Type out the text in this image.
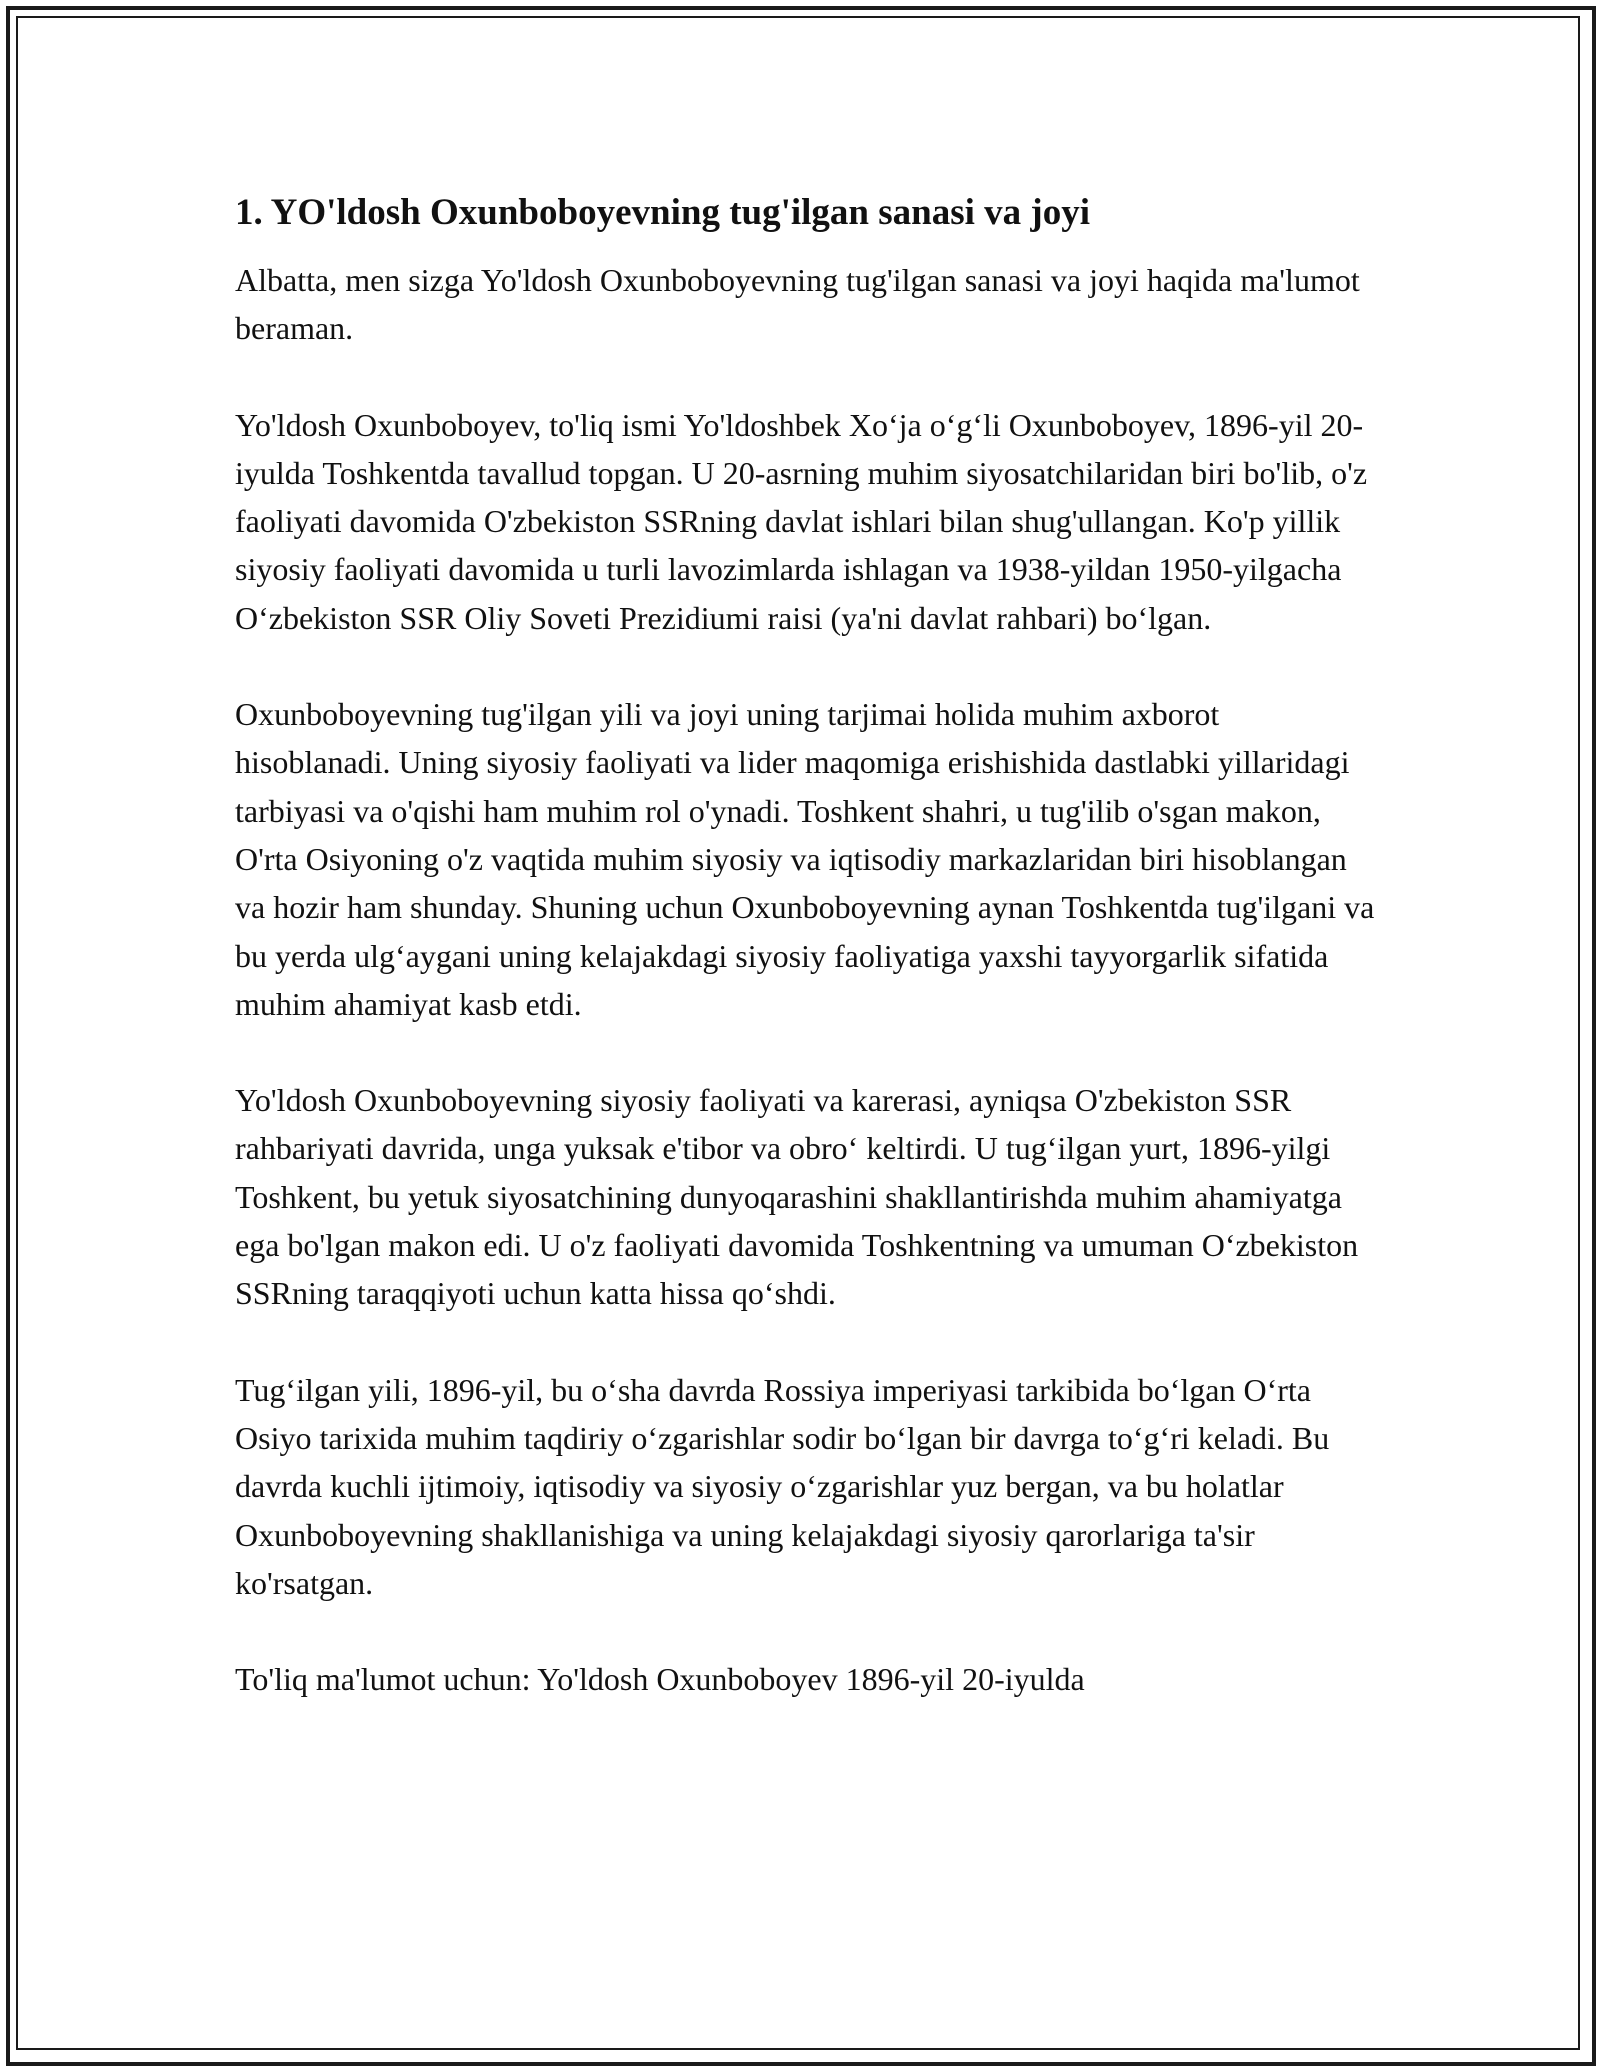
1. YO'ldosh Oxunboboyevning tug'ilgan sanasi va joyi

Albatta, men sizga Yo'ldosh Oxunboboyevning tug'ilgan sanasi va joyi haqida ma'lumot beraman.

Yo'ldosh Oxunboboyev, to'liq ismi Yo'ldoshbek Xo‘ja o‘g‘li Oxunboboyev, 1896-yil 20-iyulda Toshkentda tavallud topgan. U 20-asrning muhim siyosatchilaridan biri bo'lib, o'z faoliyati davomida O'zbekiston SSRning davlat ishlari bilan shug'ullangan. Ko'p yillik siyosiy faoliyati davomida u turli lavozimlarda ishlagan va 1938-yildan 1950-yilgacha O‘zbekiston SSR Oliy Soveti Prezidiumi raisi (ya'ni davlat rahbari) bo‘lgan.

Oxunboboyevning tug'ilgan yili va joyi uning tarjimai holida muhim axborot hisoblanadi. Uning siyosiy faoliyati va lider maqomiga erishishida dastlabki yillaridagi tarbiyasi va o'qishi ham muhim rol o'ynadi. Toshkent shahri, u tug'ilib o'sgan makon, O'rta Osiyoning o'z vaqtida muhim siyosiy va iqtisodiy markazlaridan biri hisoblangan va hozir ham shunday. Shuning uchun Oxunboboyevning aynan Toshkentda tug'ilgani va bu yerda ulg‘aygani uning kelajakdagi siyosiy faoliyatiga yaxshi tayyorgarlik sifatida muhim ahamiyat kasb etdi.

Yo'ldosh Oxunboboyevning siyosiy faoliyati va karerasi, ayniqsa O'zbekiston SSR rahbariyati davrida, unga yuksak e'tibor va obro‘ keltirdi. U tug‘ilgan yurt, 1896-yilgi Toshkent, bu yetuk siyosatchining dunyoqarashini shakllantirishda muhim ahamiyatga ega bo'lgan makon edi. U o'z faoliyati davomida Toshkentning va umuman O‘zbekiston SSRning taraqqiyoti uchun katta hissa qo‘shdi.

Tug‘ilgan yili, 1896-yil, bu o‘sha davrda Rossiya imperiyasi tarkibida bo‘lgan O‘rta Osiyo tarixida muhim taqdiriy o‘zgarishlar sodir bo‘lgan bir davrga to‘g‘ri keladi. Bu davrda kuchli ijtimoiy, iqtisodiy va siyosiy o‘zgarishlar yuz bergan, va bu holatlar Oxunboboyevning shakllanishiga va uning kelajakdagi siyosiy qarorlariga ta'sir ko'rsatgan.

To'liq ma'lumot uchun: Yo'ldosh Oxunboboyev 1896-yil 20-iyulda
